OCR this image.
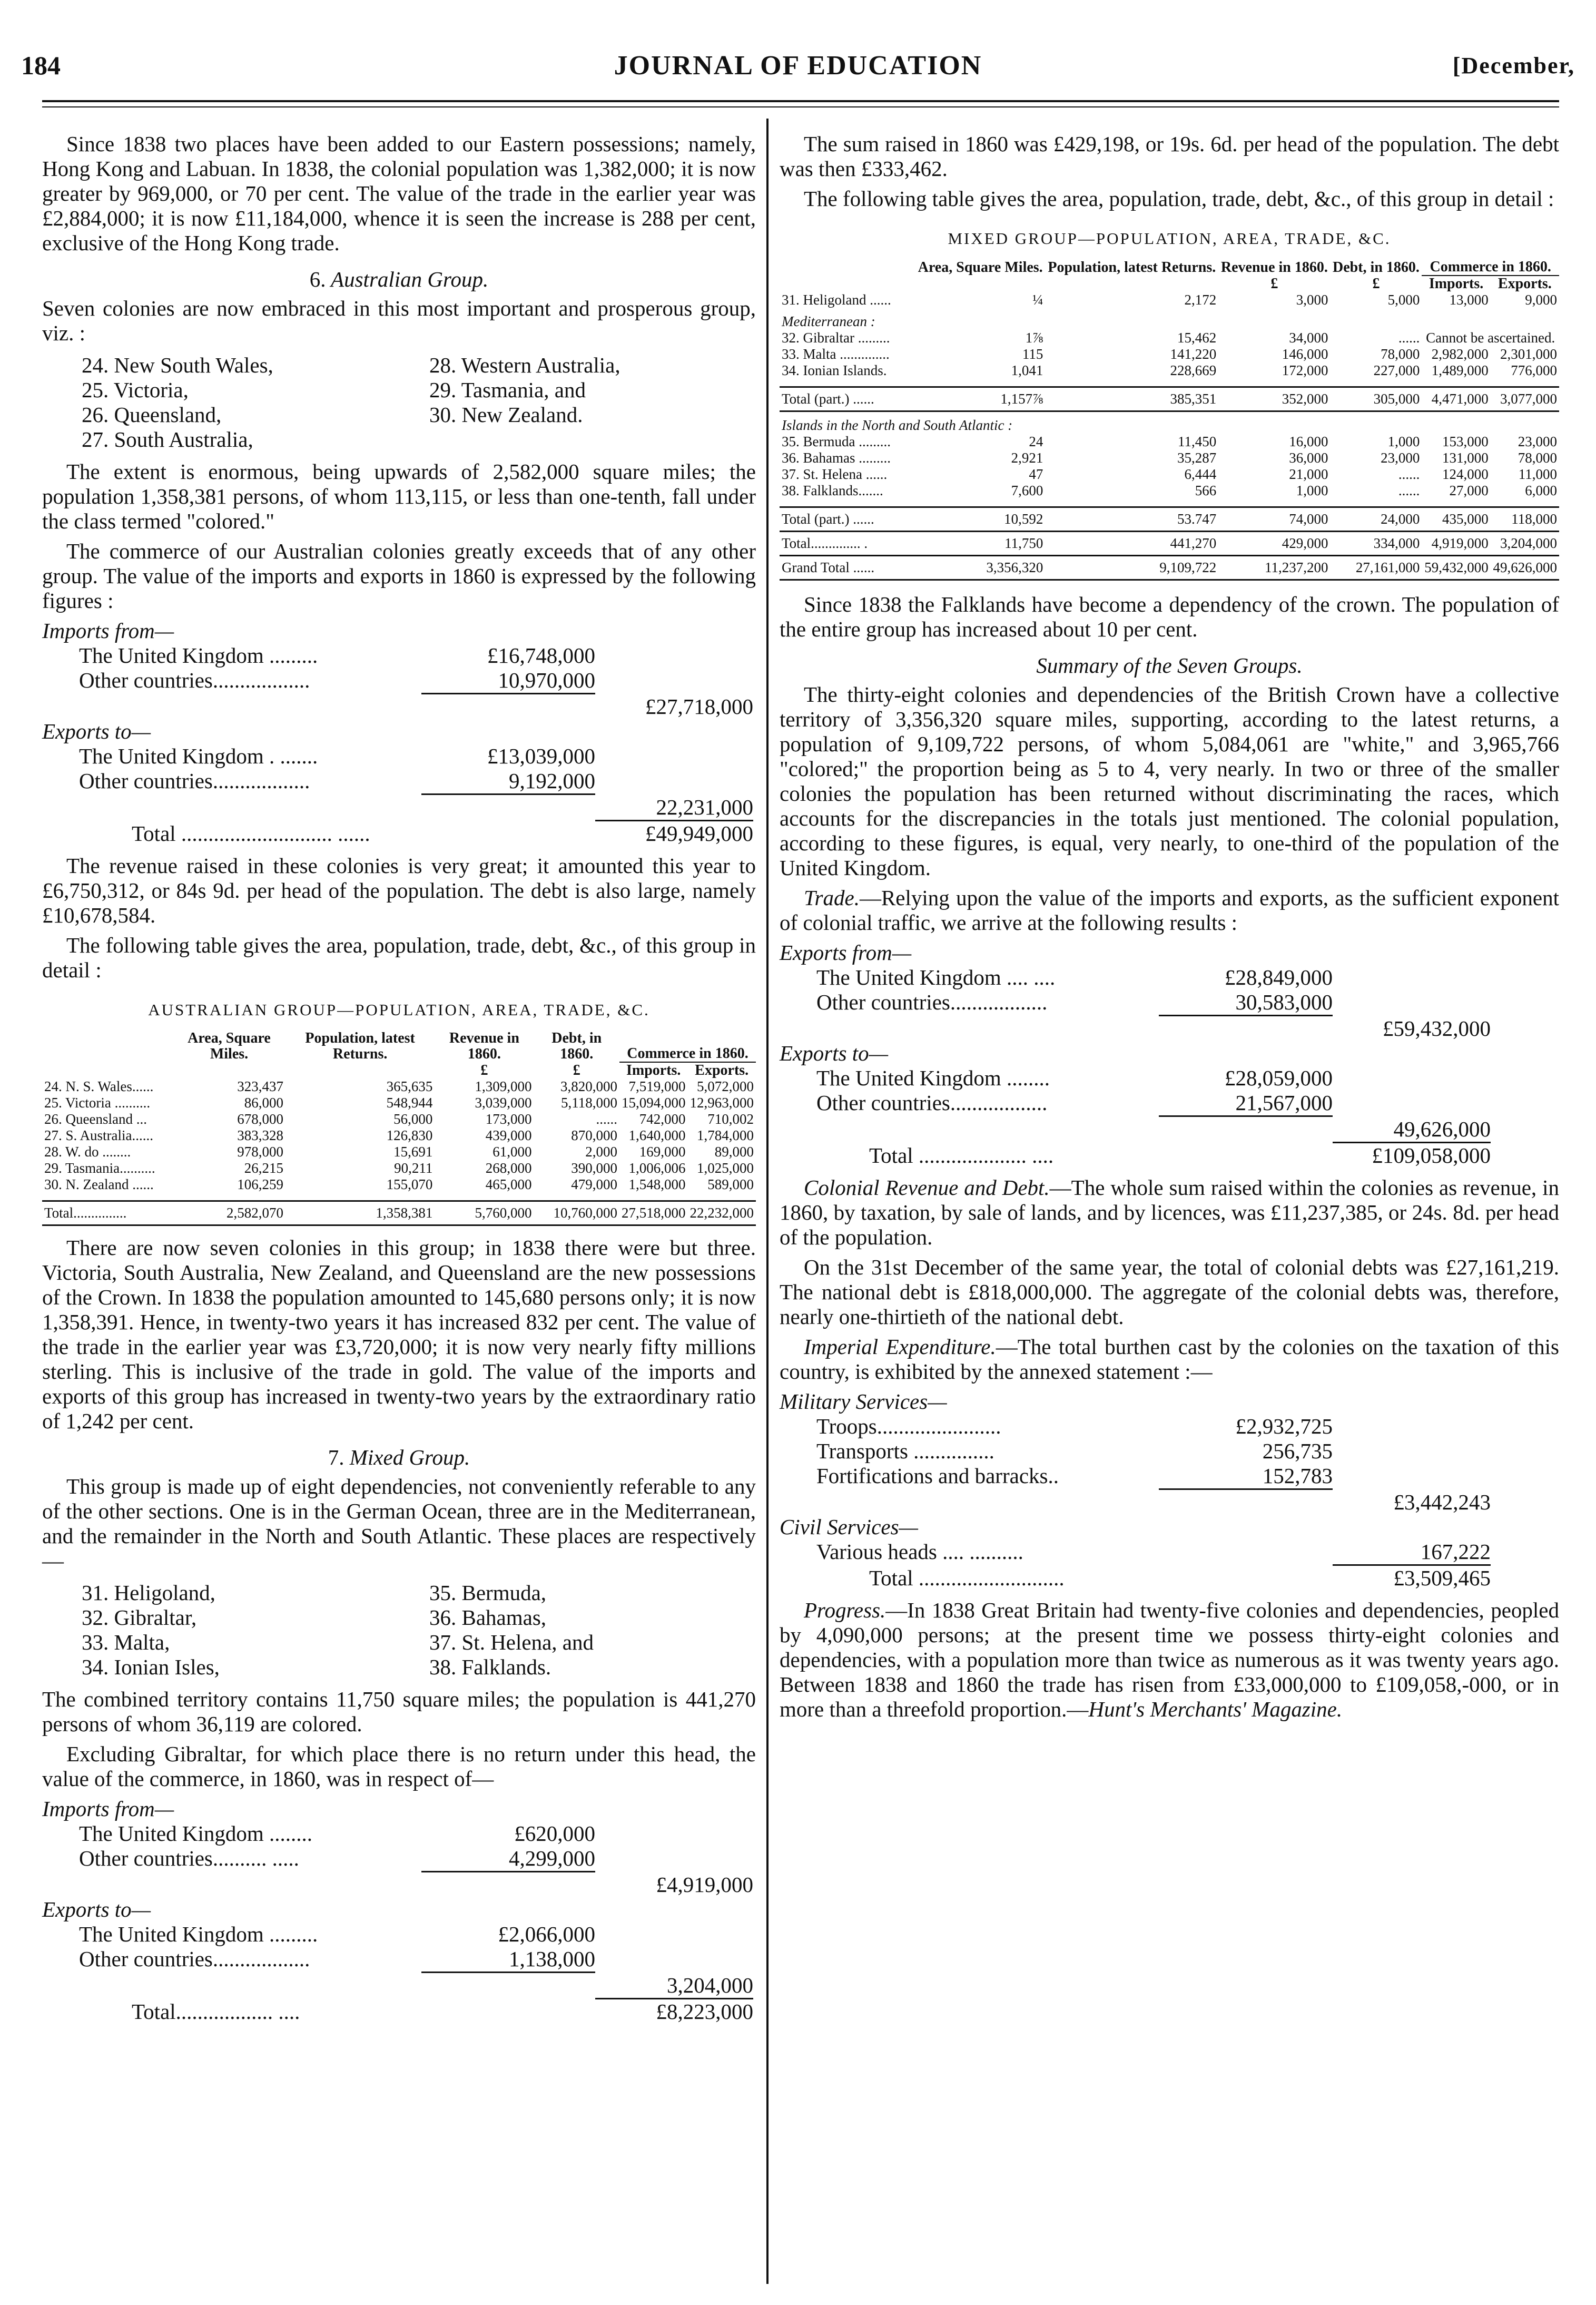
184	JOURNAL OF EDUCATION	[December,

Since 1838 two places have been added to our Eastern possessions; namely, Hong Kong and Labuan. In 1838, the colonial population was 1,382,000; it is now greater by 969,000, or 70 per cent. The value of the trade in the earlier year was £2,884,000; it is now £11,184,000, whence it is seen the increase is 288 per cent, exclusive of the Hong Kong trade.

6. Australian Group.

Seven colonies are now embraced in this most important and prosperous group, viz. :

24. New South Wales,	28. Western Australia,
25. Victoria,	29. Tasmania, and
26. Queensland,	30. New Zealand.
27. South Australia,

The extent is enormous, being upwards of 2,582,000 square miles; the population 1,358,381 persons, of whom 113,115, or less than one-tenth, fall under the class termed "colored."

The commerce of our Australian colonies greatly exceeds that of any other group. The value of the imports and exports in 1860 is expressed by the following figures :

Imports from—
The United Kingdom .........	£16,748,000
Other countries..................	10,970,000
£27,718,000
Exports to—
The United Kingdom . .......	£13,039,000
Other countries..................	9,192,000
22,231,000
Total ............................ ......	£49,949,000

The revenue raised in these colonies is very great; it amounted this year to £6,750,312, or 84s 9d. per head of the population. The debt is also large, namely £10,678,584.

The following table gives the area, population, trade, debt, &c., of this group in detail :

AUSTRALIAN GROUP—POPULATION, AREA, TRADE, &C.
	Area, Square Miles.	Population, latest Returns.	Revenue in 1860.	Debt, in 1860.	Commerce in 1860.	
			£	£	Imports.	Exports.
24. N. S. Wales......	323,437	365,635	1,309,000	3,820,000	7,519,000	5,072,000
25. Victoria ..........	86,000	548,944	3,039,000	5,118,000	15,094,000	12,963,000
26. Queensland ...	678,000	56,000	173,000	......	742,000	710,002
27. S. Australia......	383,328	126,830	439,000	870,000	1,640,000	1,784,000
28. W. do ........	978,000	15,691	61,000	2,000	169,000	89,000
29. Tasmania..........	26,215	90,211	268,000	390,000	1,006,006	1,025,000
30. N. Zealand ......	106,259	155,070	465,000	479,000	1,548,000	589,000

Total...............	2,582,070	1,358,381	5,760,000	10,760,000	27,518,000	22,232,000

There are now seven colonies in this group; in 1838 there were but three. Victoria, South Australia, New Zealand, and Queensland are the new possessions of the Crown. In 1838 the population amounted to 145,680 persons only; it is now 1,358,391. Hence, in twenty-two years it has increased 832 per cent. The value of the trade in the earlier year was £3,720,000; it is now very nearly fifty millions sterling. This is inclusive of the trade in gold. The value of the imports and exports of this group has increased in twenty-two years by the extraordinary ratio of 1,242 per cent.

7. Mixed Group.

This group is made up of eight dependencies, not conveniently referable to any of the other sections. One is in the German Ocean, three are in the Mediterranean, and the remainder in the North and South Atlantic. These places are respectively—

31. Heligoland,	35. Bermuda,
32. Gibraltar,	36. Bahamas,
33. Malta,	37. St. Helena, and
34. Ionian Isles,	38. Falklands.

The combined territory contains 11,750 square miles; the population is 441,270 persons of whom 36,119 are colored.

Excluding Gibraltar, for which place there is no return under this head, the value of the commerce, in 1860, was in respect of—

Imports from—
The United Kingdom ........	£620,000
Other countries.......... .....	4,299,000
£4,919,000
Exports to—
The United Kingdom .........	£2,066,000
Other countries..................	1,138,000
3,204,000
Total.................. ....	£8,223,000

The sum raised in 1860 was £429,198, or 19s. 6d. per head of the population. The debt was then £333,462.

The following table gives the area, population, trade, debt, &c., of this group in detail :

MIXED GROUP—POPULATION, AREA, TRADE, &C.
	Area, Square Miles.	Population, latest Returns.	Revenue in 1860.	Debt, in 1860.	Commerce in 1860.	
			£	£	Imports.	Exports.
31. Heligoland ......	¼	2,172	3,000	5,000	13,000	9,000
Mediterranean :						
32. Gibraltar .........	1⅞	15,462	34,000	......	Cannot be ascertained.	
33. Malta ..............	115	141,220	146,000	78,000	2,982,000	2,301,000
34. Ionian Islands.	1,041	228,669	172,000	227,000	1,489,000	776,000

Total (part.) ......	1,157⅞	385,351	352,000	305,000	4,471,000	3,077,000
Islands in the North and South Atlantic :						
35. Bermuda .........	24	11,450	16,000	1,000	153,000	23,000
36. Bahamas .........	2,921	35,287	36,000	23,000	131,000	78,000
37. St. Helena ......	47	6,444	21,000	......	124,000	11,000
38. Falklands.......	7,600	566	1,000	......	27,000	6,000

Total (part.) ......	10,592	53.747	74,000	24,000	435,000	118,000
Total.............. .	11,750	441,270	429,000	334,000	4,919,000	3,204,000
Grand Total ......	3,356,320	9,109,722	11,237,200	27,161,000	59,432,000	49,626,000

Since 1838 the Falklands have become a dependency of the crown. The population of the entire group has increased about 10 per cent.

Summary of the Seven Groups.

The thirty-eight colonies and dependencies of the British Crown have a collective territory of 3,356,320 square miles, supporting, according to the latest returns, a population of 9,109,722 persons, of whom 5,084,061 are "white," and 3,965,766 "colored;" the proportion being as 5 to 4, very nearly. In two or three of the smaller colonies the population has been returned without discriminating the races, which accounts for the discrepancies in the totals just mentioned. The colonial population, according to these figures, is equal, very nearly, to one-third of the population of the United Kingdom.

Trade.—Relying upon the value of the imports and exports, as the sufficient exponent of colonial traffic, we arrive at the following results :

Exports from—
The United Kingdom .... ....	£28,849,000
Other countries..................	30,583,000
£59,432,000
Exports to—
The United Kingdom ........	£28,059,000
Other countries..................	21,567,000
49,626,000
Total .................... ....	£109,058,000

Colonial Revenue and Debt.—The whole sum raised within the colonies as revenue, in 1860, by taxation, by sale of lands, and by licences, was £11,237,385, or 24s. 8d. per head of the population.

On the 31st December of the same year, the total of colonial debts was £27,161,219. The national debt is £818,000,000. The aggregate of the colonial debts was, therefore, nearly one-thirtieth of the national debt.

Imperial Expenditure.—The total burthen cast by the colonies on the taxation of this country, is exhibited by the annexed statement :—

Military Services—
Troops.......................	£2,932,725
Transports ...............	256,735
Fortifications and barracks..	152,783
£3,442,243
Civil Services—
Various heads .... ..........	167,222
Total ...........................	£3,509,465

Progress.—In 1838 Great Britain had twenty-five colonies and dependencies, peopled by 4,090,000 persons; at the present time we possess thirty-eight colonies and dependencies, with a population more than twice as numerous as it was twenty years ago. Between 1838 and 1860 the trade has risen from £33,000,000 to £109,058,-000, or in more than a threefold proportion.—Hunt's Merchants' Magazine.
